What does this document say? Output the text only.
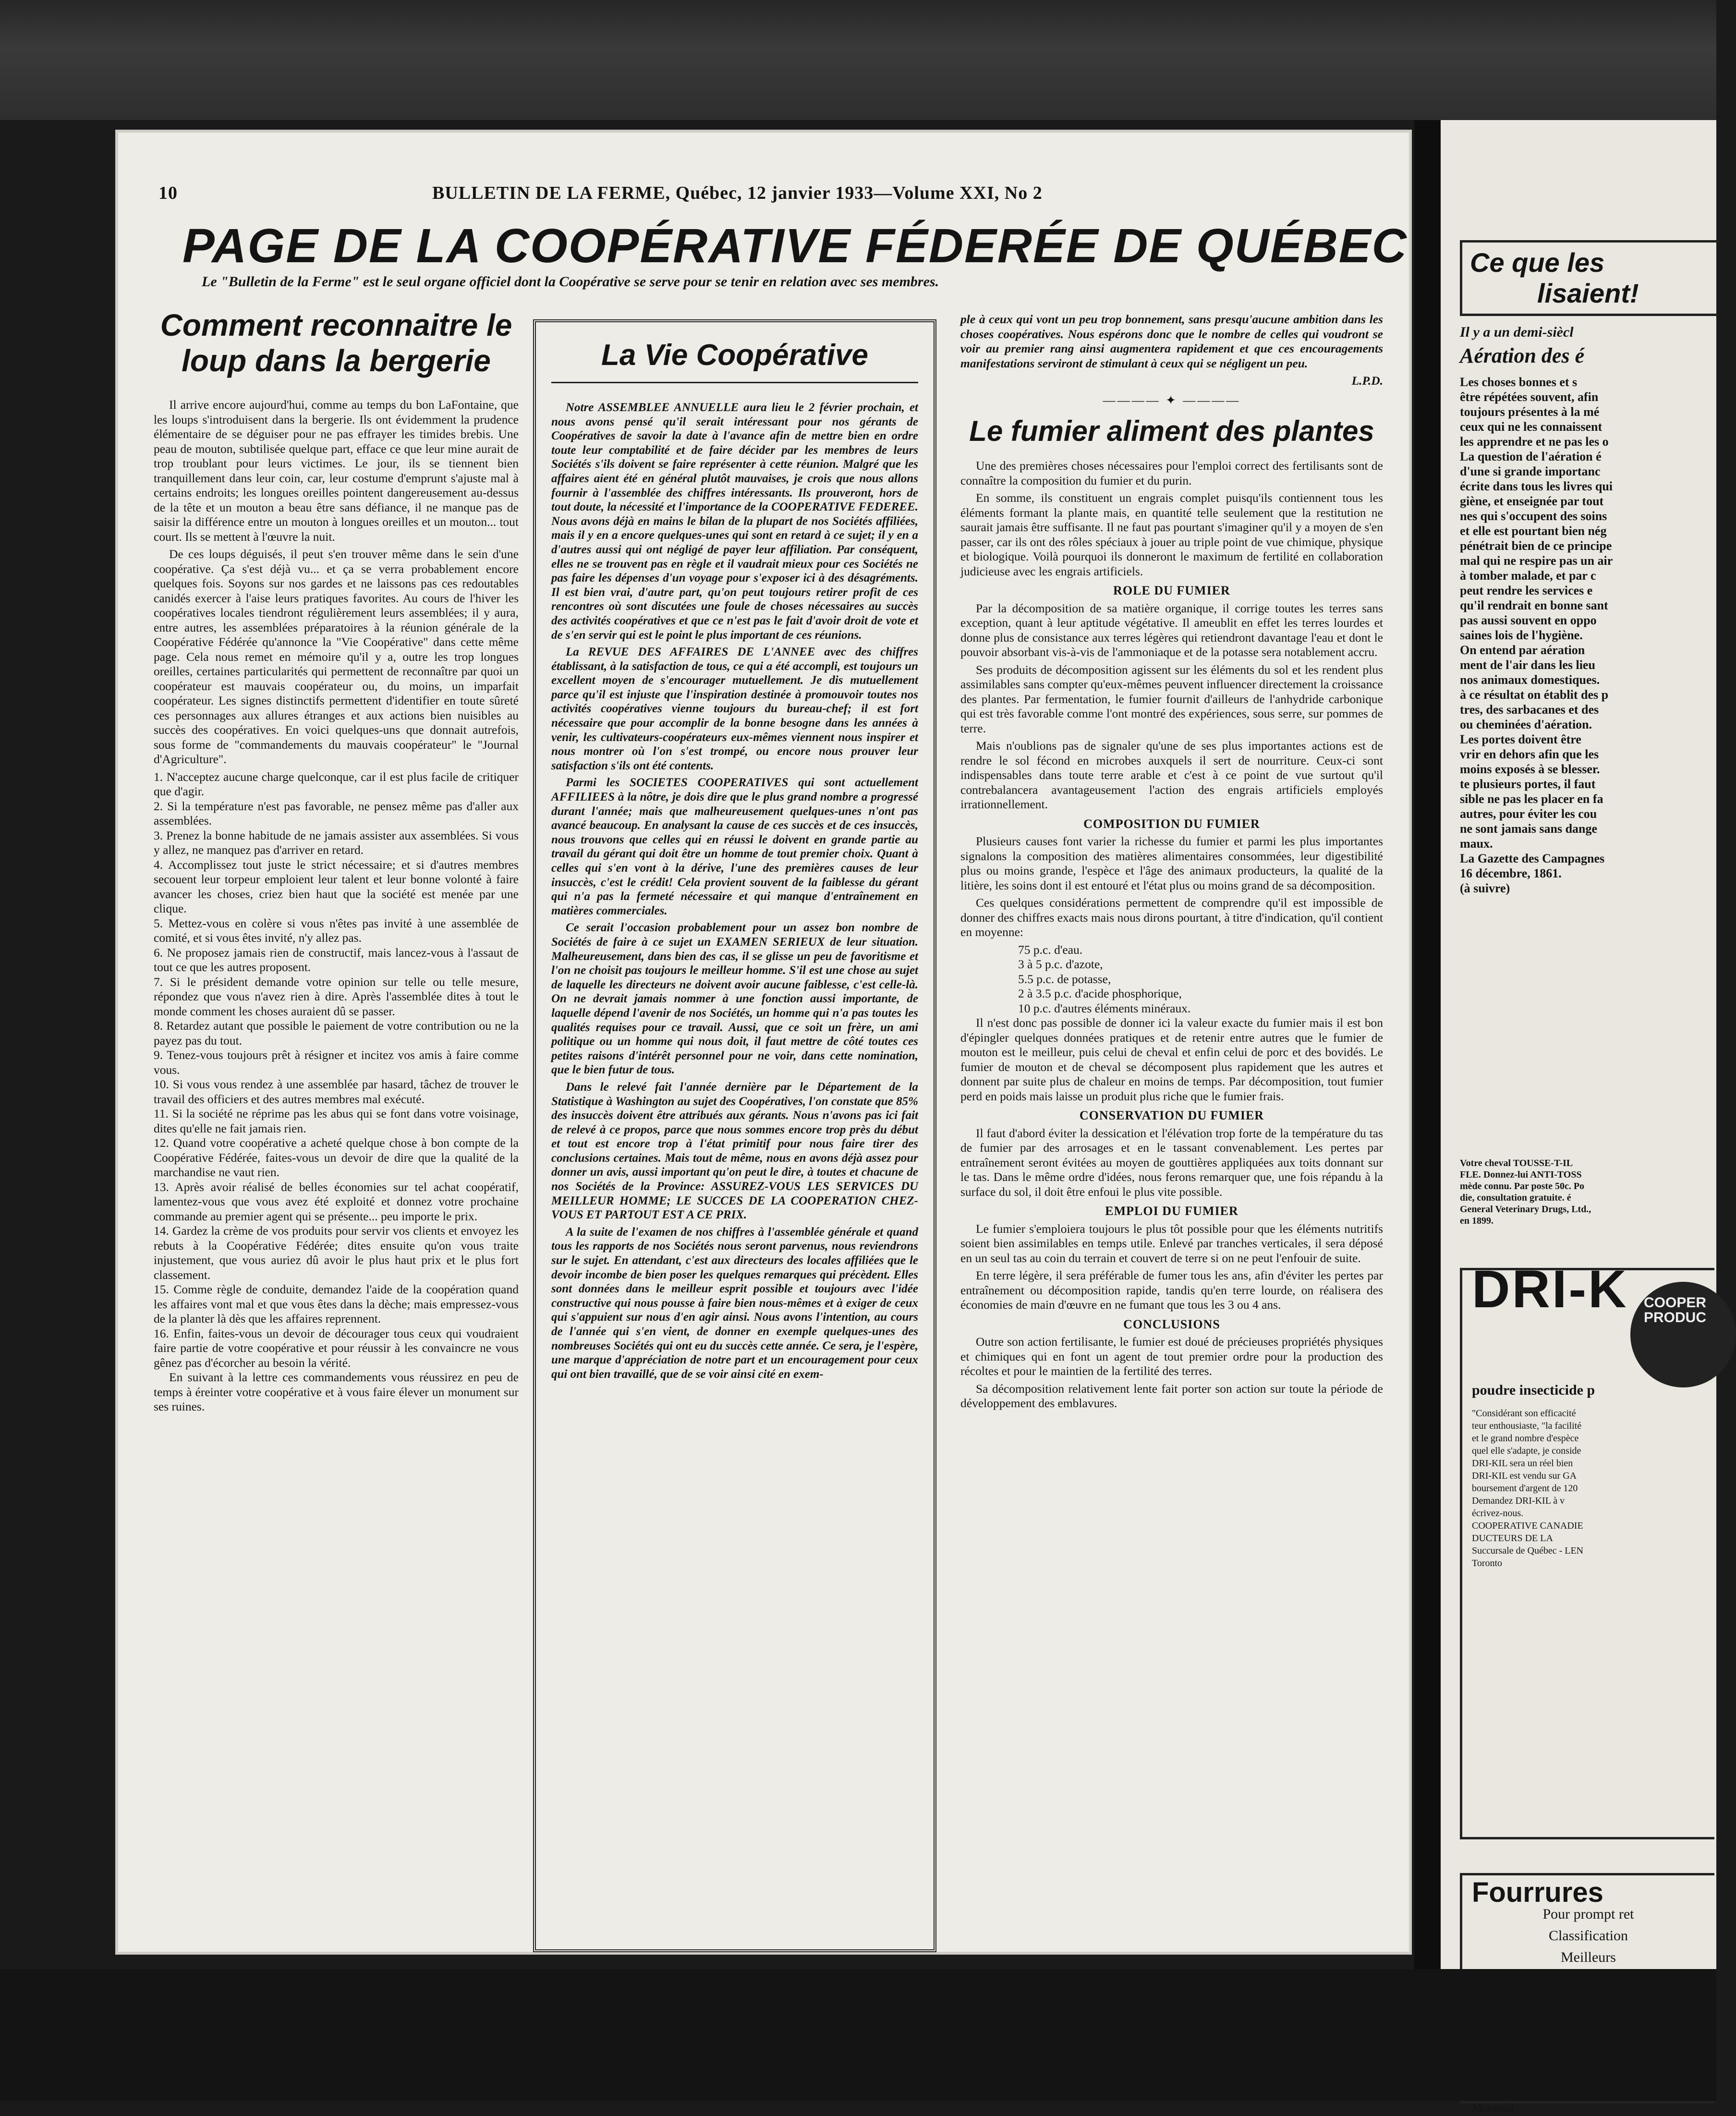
10	BULLETIN DE LA FERME, Québec, 12 janvier 1933—Volume XXI, No 2
PAGE DE LA COOPÉRATIVE FÉDERÉE DE QUÉBEC
Le "Bulletin de la Ferme" est le seul organe officiel dont la Coopérative se serve pour se tenir en relation avec ses membres.
Comment reconnaitre le loup dans la bergerie

Il arrive encore aujourd'hui, comme au temps du bon LaFontaine, que les loups s'introduisent dans la bergerie. Ils ont évidemment la prudence élémentaire de se déguiser pour ne pas effrayer les timides brebis. Une peau de mouton, subtilisée quelque part, efface ce que leur mine aurait de trop troublant pour leurs victimes. Le jour, ils se tiennent bien tranquillement dans leur coin, car, leur costume d'emprunt s'ajuste mal à certains endroits; les longues oreilles pointent dangereusement au-dessus de la tête et un mouton a beau être sans défiance, il ne manque pas de saisir la différence entre un mouton à longues oreilles et un mouton... tout court. Ils se mettent à l'œuvre la nuit.

De ces loups déguisés, il peut s'en trouver même dans le sein d'une coopérative. Ça s'est déjà vu... et ça se verra probablement encore quelques fois. Soyons sur nos gardes et ne laissons pas ces redoutables canidés exercer à l'aise leurs pratiques favorites. Au cours de l'hiver les coopératives locales tiendront régulièrement leurs assemblées; il y aura, entre autres, les assemblées préparatoires à la réunion générale de la Coopérative Fédérée qu'annonce la "Vie Coopérative" dans cette même page. Cela nous remet en mémoire qu'il y a, outre les trop longues oreilles, certaines particularités qui permettent de reconnaître par quoi un coopérateur est mauvais coopérateur ou, du moins, un imparfait coopérateur. Les signes distinctifs permettent d'identifier en toute sûreté ces personnages aux allures étranges et aux actions bien nuisibles au succès des coopératives. En voici quelques-uns que donnait autrefois, sous forme de "commandements du mauvais coopérateur" le "Journal d'Agriculture".

1. N'acceptez aucune charge quelconque, car il est plus facile de critiquer que d'agir.
2. Si la température n'est pas favorable, ne pensez même pas d'aller aux assemblées.
3. Prenez la bonne habitude de ne jamais assister aux assemblées. Si vous y allez, ne manquez pas d'arriver en retard.
4. Accomplissez tout juste le strict nécessaire; et si d'autres membres secouent leur torpeur emploient leur talent et leur bonne volonté à faire avancer les choses, criez bien haut que la société est menée par une clique.
5. Mettez-vous en colère si vous n'êtes pas invité à une assemblée de comité, et si vous êtes invité, n'y allez pas.
6. Ne proposez jamais rien de constructif, mais lancez-vous à l'assaut de tout ce que les autres proposent.
7. Si le président demande votre opinion sur telle ou telle mesure, répondez que vous n'avez rien à dire. Après l'assemblée dites à tout le monde comment les choses auraient dû se passer.
8. Retardez autant que possible le paiement de votre contribution ou ne la payez pas du tout.
9. Tenez-vous toujours prêt à résigner et incitez vos amis à faire comme vous.
10. Si vous vous rendez à une assemblée par hasard, tâchez de trouver le travail des officiers et des autres membres mal exécuté.
11. Si la société ne réprime pas les abus qui se font dans votre voisinage, dites qu'elle ne fait jamais rien.
12. Quand votre coopérative a acheté quelque chose à bon compte de la Coopérative Fédérée, faites-vous un devoir de dire que la qualité de la marchandise ne vaut rien.
13. Après avoir réalisé de belles économies sur tel achat coopératif, lamentez-vous que vous avez été exploité et donnez votre prochaine commande au premier agent qui se présente... peu importe le prix.
14. Gardez la crème de vos produits pour servir vos clients et envoyez les rebuts à la Coopérative Fédérée; dites ensuite qu'on vous traite injustement, que vous auriez dû avoir le plus haut prix et le plus fort classement.
15. Comme règle de conduite, demandez l'aide de la coopération quand les affaires vont mal et que vous êtes dans la dèche; mais empressez-vous de la planter là dès que les affaires reprennent.
16. Enfin, faites-vous un devoir de décourager tous ceux qui voudraient faire partie de votre coopérative et pour réussir à les convaincre ne vous gênez pas d'écorcher au besoin la vérité.

En suivant à la lettre ces commandements vous réussirez en peu de temps à éreinter votre coopérative et à vous faire élever un monument sur ses ruines.

La Vie Coopérative

Notre ASSEMBLEE ANNUELLE aura lieu le 2 février prochain, et nous avons pensé qu'il serait intéressant pour nos gérants de Coopératives de savoir la date à l'avance afin de mettre bien en ordre toute leur comptabilité et de faire décider par les membres de leurs Sociétés s'ils doivent se faire représenter à cette réunion. Malgré que les affaires aient été en général plutôt mauvaises, je crois que nous allons fournir à l'assemblée des chiffres intéressants. Ils prouveront, hors de tout doute, la nécessité et l'importance de la COOPERATIVE FEDEREE. Nous avons déjà en mains le bilan de la plupart de nos Sociétés affiliées, mais il y en a encore quelques-unes qui sont en retard à ce sujet; il y en a d'autres aussi qui ont négligé de payer leur affiliation. Par conséquent, elles ne se trouvent pas en règle et il vaudrait mieux pour ces Sociétés ne pas faire les dépenses d'un voyage pour s'exposer ici à des désagréments. Il est bien vrai, d'autre part, qu'on peut toujours retirer profit de ces rencontres où sont discutées une foule de choses nécessaires au succès des activités coopératives et que ce n'est pas le fait d'avoir droit de vote et de s'en servir qui est le point le plus important de ces réunions.

La REVUE DES AFFAIRES DE L'ANNEE avec des chiffres établissant, à la satisfaction de tous, ce qui a été accompli, est toujours un excellent moyen de s'encourager mutuellement. Je dis mutuellement parce qu'il est injuste que l'inspiration destinée à promouvoir toutes nos activités coopératives vienne toujours du bureau-chef; il est fort nécessaire que pour accomplir de la bonne besogne dans les années à venir, les cultivateurs-coopérateurs eux-mêmes viennent nous inspirer et nous montrer où l'on s'est trompé, ou encore nous prouver leur satisfaction s'ils ont été contents.

Parmi les SOCIETES COOPERATIVES qui sont actuellement AFFILIEES à la nôtre, je dois dire que le plus grand nombre a progressé durant l'année; mais que malheureusement quelques-unes n'ont pas avancé beaucoup. En analysant la cause de ces succès et de ces insuccès, nous trouvons que celles qui en réussi le doivent en grande partie au travail du gérant qui doit être un homme de tout premier choix. Quant à celles qui s'en vont à la dérive, l'une des premières causes de leur insuccès, c'est le crédit! Cela provient souvent de la faiblesse du gérant qui n'a pas la fermeté nécessaire et qui manque d'entraînement en matières commerciales.

Ce serait l'occasion probablement pour un assez bon nombre de Sociétés de faire à ce sujet un EXAMEN SERIEUX de leur situation. Malheureusement, dans bien des cas, il se glisse un peu de favoritisme et l'on ne choisit pas toujours le meilleur homme. S'il est une chose au sujet de laquelle les directeurs ne doivent avoir aucune faiblesse, c'est celle-là. On ne devrait jamais nommer à une fonction aussi importante, de laquelle dépend l'avenir de nos Sociétés, un homme qui n'a pas toutes les qualités requises pour ce travail. Aussi, que ce soit un frère, un ami politique ou un homme qui nous doit, il faut mettre de côté toutes ces petites raisons d'intérêt personnel pour ne voir, dans cette nomination, que le bien futur de tous.

Dans le relevé fait l'année dernière par le Département de la Statistique à Washington au sujet des Coopératives, l'on constate que 85% des insuccès doivent être attribués aux gérants. Nous n'avons pas ici fait de relevé à ce propos, parce que nous sommes encore trop près du début et tout est encore trop à l'état primitif pour nous faire tirer des conclusions certaines. Mais tout de même, nous en avons déjà assez pour donner un avis, aussi important qu'on peut le dire, à toutes et chacune de nos Sociétés de la Province: ASSUREZ-VOUS LES SERVICES DU MEILLEUR HOMME; LE SUCCES DE LA COOPERATION CHEZ-VOUS ET PARTOUT EST A CE PRIX.

A la suite de l'examen de nos chiffres à l'assemblée générale et quand tous les rapports de nos Sociétés nous seront parvenus, nous reviendrons sur le sujet. En attendant, c'est aux directeurs des locales affiliées que le devoir incombe de bien poser les quelques remarques qui précèdent. Elles sont données dans le meilleur esprit possible et toujours avec l'idée constructive qui nous pousse à faire bien nous-mêmes et à exiger de ceux qui s'appuient sur nous d'en agir ainsi. Nous avons l'intention, au cours de l'année qui s'en vient, de donner en exemple quelques-unes des nombreuses Sociétés qui ont eu du succès cette année. Ce sera, je l'espère, une marque d'appréciation de notre part et un encouragement pour ceux qui ont bien travaillé, que de se voir ainsi cité en exem-

ple à ceux qui vont un peu trop bonnement, sans presqu'aucune ambition dans les choses coopératives. Nous espérons donc que le nombre de celles qui voudront se voir au premier rang ainsi augmentera rapidement et que ces encouragements manifestations serviront de stimulant à ceux qui se négligent un peu.

L.P.D.

———— ✦ ————
Le fumier aliment des plantes

Une des premières choses nécessaires pour l'emploi correct des fertilisants sont de connaître la composition du fumier et du purin.

En somme, ils constituent un engrais complet puisqu'ils contiennent tous les éléments formant la plante mais, en quantité telle seulement que la restitution ne saurait jamais être suffisante. Il ne faut pas pourtant s'imaginer qu'il y a moyen de s'en passer, car ils ont des rôles spéciaux à jouer au triple point de vue chimique, physique et biologique. Voilà pourquoi ils donneront le maximum de fertilité en collaboration judicieuse avec les engrais artificiels.

ROLE DU FUMIER

Par la décomposition de sa matière organique, il corrige toutes les terres sans exception, quant à leur aptitude végétative. Il ameublit en effet les terres lourdes et donne plus de consistance aux terres légères qui retiendront davantage l'eau et dont le pouvoir absorbant vis-à-vis de l'ammoniaque et de la potasse sera notablement accru.

Ses produits de décomposition agissent sur les éléments du sol et les rendent plus assimilables sans compter qu'eux-mêmes peuvent influencer directement la croissance des plantes. Par fermentation, le fumier fournit d'ailleurs de l'anhydride carbonique qui est très favorable comme l'ont montré des expériences, sous serre, sur pommes de terre.

Mais n'oublions pas de signaler qu'une de ses plus importantes actions est de rendre le sol fécond en microbes auxquels il sert de nourriture. Ceux-ci sont indispensables dans toute terre arable et c'est à ce point de vue surtout qu'il contrebalancera avantageusement l'action des engrais artificiels employés irrationnellement.

COMPOSITION DU FUMIER

Plusieurs causes font varier la richesse du fumier et parmi les plus importantes signalons la composition des matières alimentaires consommées, leur digestibilité plus ou moins grande, l'espèce et l'âge des animaux producteurs, la qualité de la litière, les soins dont il est entouré et l'état plus ou moins grand de sa décomposition.

Ces quelques considérations permettent de comprendre qu'il est impossible de donner des chiffres exacts mais nous dirons pourtant, à titre d'indication, qu'il contient en moyenne:

75 p.c. d'eau.
3 à 5 p.c. d'azote,
5.5 p.c. de potasse,
2 à 3.5 p.c. d'acide phosphorique,
10 p.c. d'autres éléments minéraux.

Il n'est donc pas possible de donner ici la valeur exacte du fumier mais il est bon d'épingler quelques données pratiques et de retenir entre autres que le fumier de mouton est le meilleur, puis celui de cheval et enfin celui de porc et des bovidés. Le fumier de mouton et de cheval se décomposent plus rapidement que les autres et donnent par suite plus de chaleur en moins de temps. Par décomposition, tout fumier perd en poids mais laisse un produit plus riche que le fumier frais.

CONSERVATION DU FUMIER

Il faut d'abord éviter la dessication et l'élévation trop forte de la température du tas de fumier par des arrosages et en le tassant convenablement. Les pertes par entraînement seront évitées au moyen de gouttières appliquées aux toits donnant sur le tas. Dans le même ordre d'idées, nous ferons remarquer que, une fois répandu à la surface du sol, il doit être enfoui le plus vite possible.

EMPLOI DU FUMIER

Le fumier s'emploiera toujours le plus tôt possible pour que les éléments nutritifs soient bien assimilables en temps utile. Enlevé par tranches verticales, il sera déposé en un seul tas au coin du terrain et couvert de terre si on ne peut l'enfouir de suite.

En terre légère, il sera préférable de fumer tous les ans, afin d'éviter les pertes par entraînement ou décomposition rapide, tandis qu'en terre lourde, on réalisera des économies de main d'œuvre en ne fumant que tous les 3 ou 4 ans.

CONCLUSIONS

Outre son action fertilisante, le fumier est doué de précieuses propriétés physiques et chimiques qui en font un agent de tout premier ordre pour la production des récoltes et pour le maintien de la fertilité des terres.

Sa décomposition relativement lente fait porter son action sur toute la période de développement des emblavures.

Ce que les
lisaient!
Il y a un demi-siècl
Aération des é

Les choses bonnes et s

être répétées souvent, afin

toujours présentes à la mé

ceux qui ne les connaissent

les apprendre et ne pas les o

La question de l'aération é

d'une si grande importanc

écrite dans tous les livres qui

giène, et enseignée par tout

nes qui s'occupent des soins

et elle est pourtant bien nég

pénétrait bien de ce principe

mal qui ne respire pas un air

à tomber malade, et par c

peut rendre les services e

qu'il rendrait en bonne sant

pas aussi souvent en oppo

saines lois de l'hygiène.

On entend par aération

ment de l'air dans les lieu

nos animaux domestiques.

à ce résultat on établit des p

tres, des sarbacanes et des

ou cheminées d'aération.

Les portes doivent être

vrir en dehors afin que les

moins exposés à se blesser.

te plusieurs portes, il faut

sible ne pas les placer en fa

autres, pour éviter les cou

ne sont jamais sans dange

maux.

La Gazette des Campagnes

16 décembre, 1861.

(à suivre)

Votre cheval TOUSSE-T-IL

FLE. Donnez-lui ANTI-TOSS

mède connu. Par poste 50c. Po

die, consultation gratuite. é

General Veterinary Drugs, Ltd.,

en 1899.

DRI-K	COOPER PRODUC
poudre insecticide p

"Considérant son efficacité

teur enthousiaste, "la facilité

et le grand nombre d'espèce

quel elle s'adapte, je conside

DRI-KIL sera un réel bien

DRI-KIL est vendu sur GA

boursement d'argent de 120

Demandez DRI-KIL à v

écrivez-nous.

COOPERATIVE CANADIE

DUCTEURS DE LA

Succursale de Québec - LEN

Toronto

Fourrures

Pour prompt ret

Classification

Meilleurs

Montréal,
